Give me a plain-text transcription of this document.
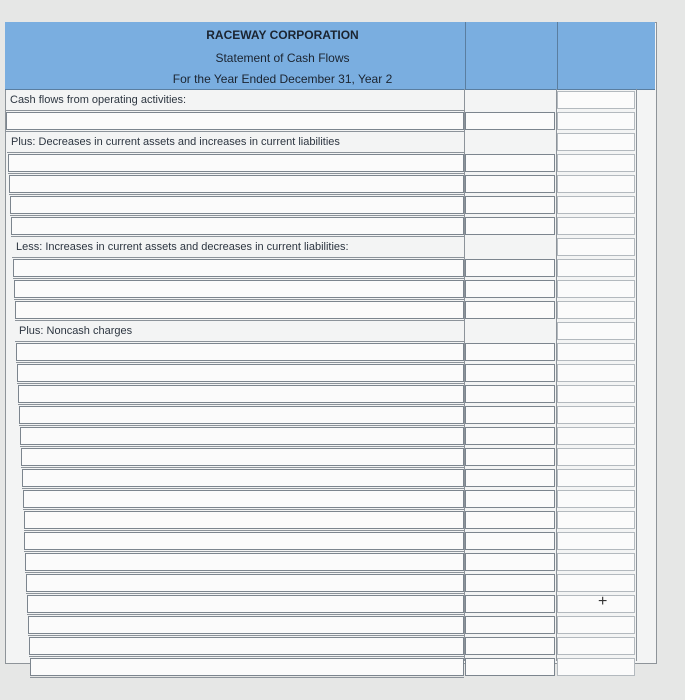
RACEWAY CORPORATION
Statement of Cash Flows
For the Year Ended December 31, Year 2
Cash flows from operating activities:
Plus: Decreases in current assets and increases in current liabilities
Less: Increases in current assets and decreases in current liabilities:
Plus: Noncash charges
+
